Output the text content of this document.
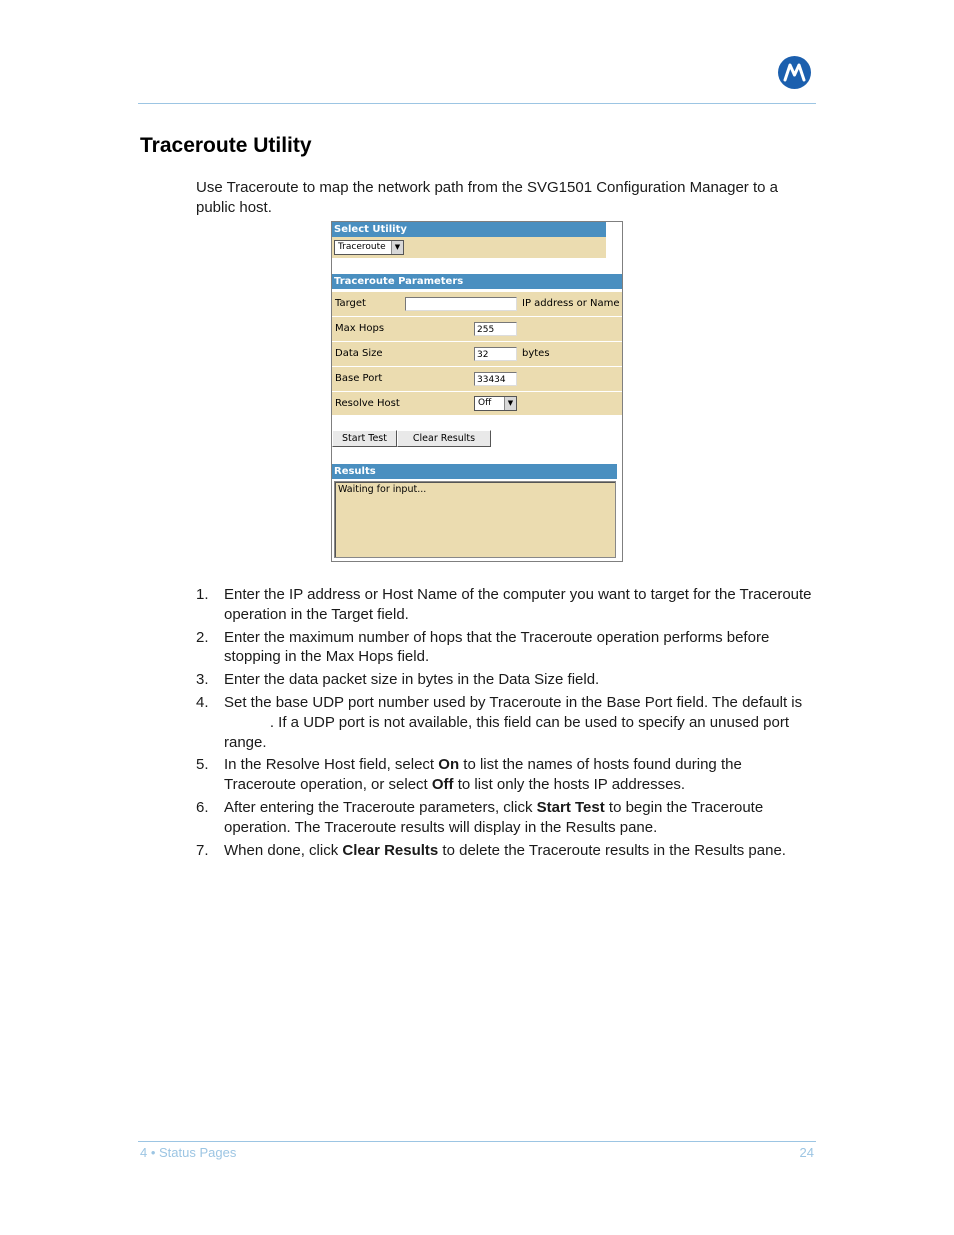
Traceroute Utility

Use Traceroute to map the network path from the SVG1501 Configuration Manager to a public host.

Select Utility
Traceroute	▼
Traceroute Parameters
Target	IP address or Name
Max Hops	255
Data Size	32	bytes
Base Port	33434
Resolve Host	Off	▼
Start Test	Clear Results
Results
Waiting for input...
1. Enter the IP address or Host Name of the computer you want to target for the Traceroute operation in the Target field.
2. Enter the maximum number of hops that the Traceroute operation performs before stopping in the Max Hops field.
3. Enter the data packet size in bytes in the Data Size field.
4. Set the base UDP port number used by Traceroute in the Base Port field. The default is            . If a UDP port is not available, this field can be used to specify an unused port range.
5. In the Resolve Host field, select On to list the names of hosts found during the Traceroute operation, or select Off to list only the hosts IP addresses.
6. After entering the Traceroute parameters, click Start Test to begin the Traceroute operation. The Traceroute results will display in the Results pane.
7. When done, click Clear Results to delete the Traceroute results in the Results pane.
4 • Status Pages	24
